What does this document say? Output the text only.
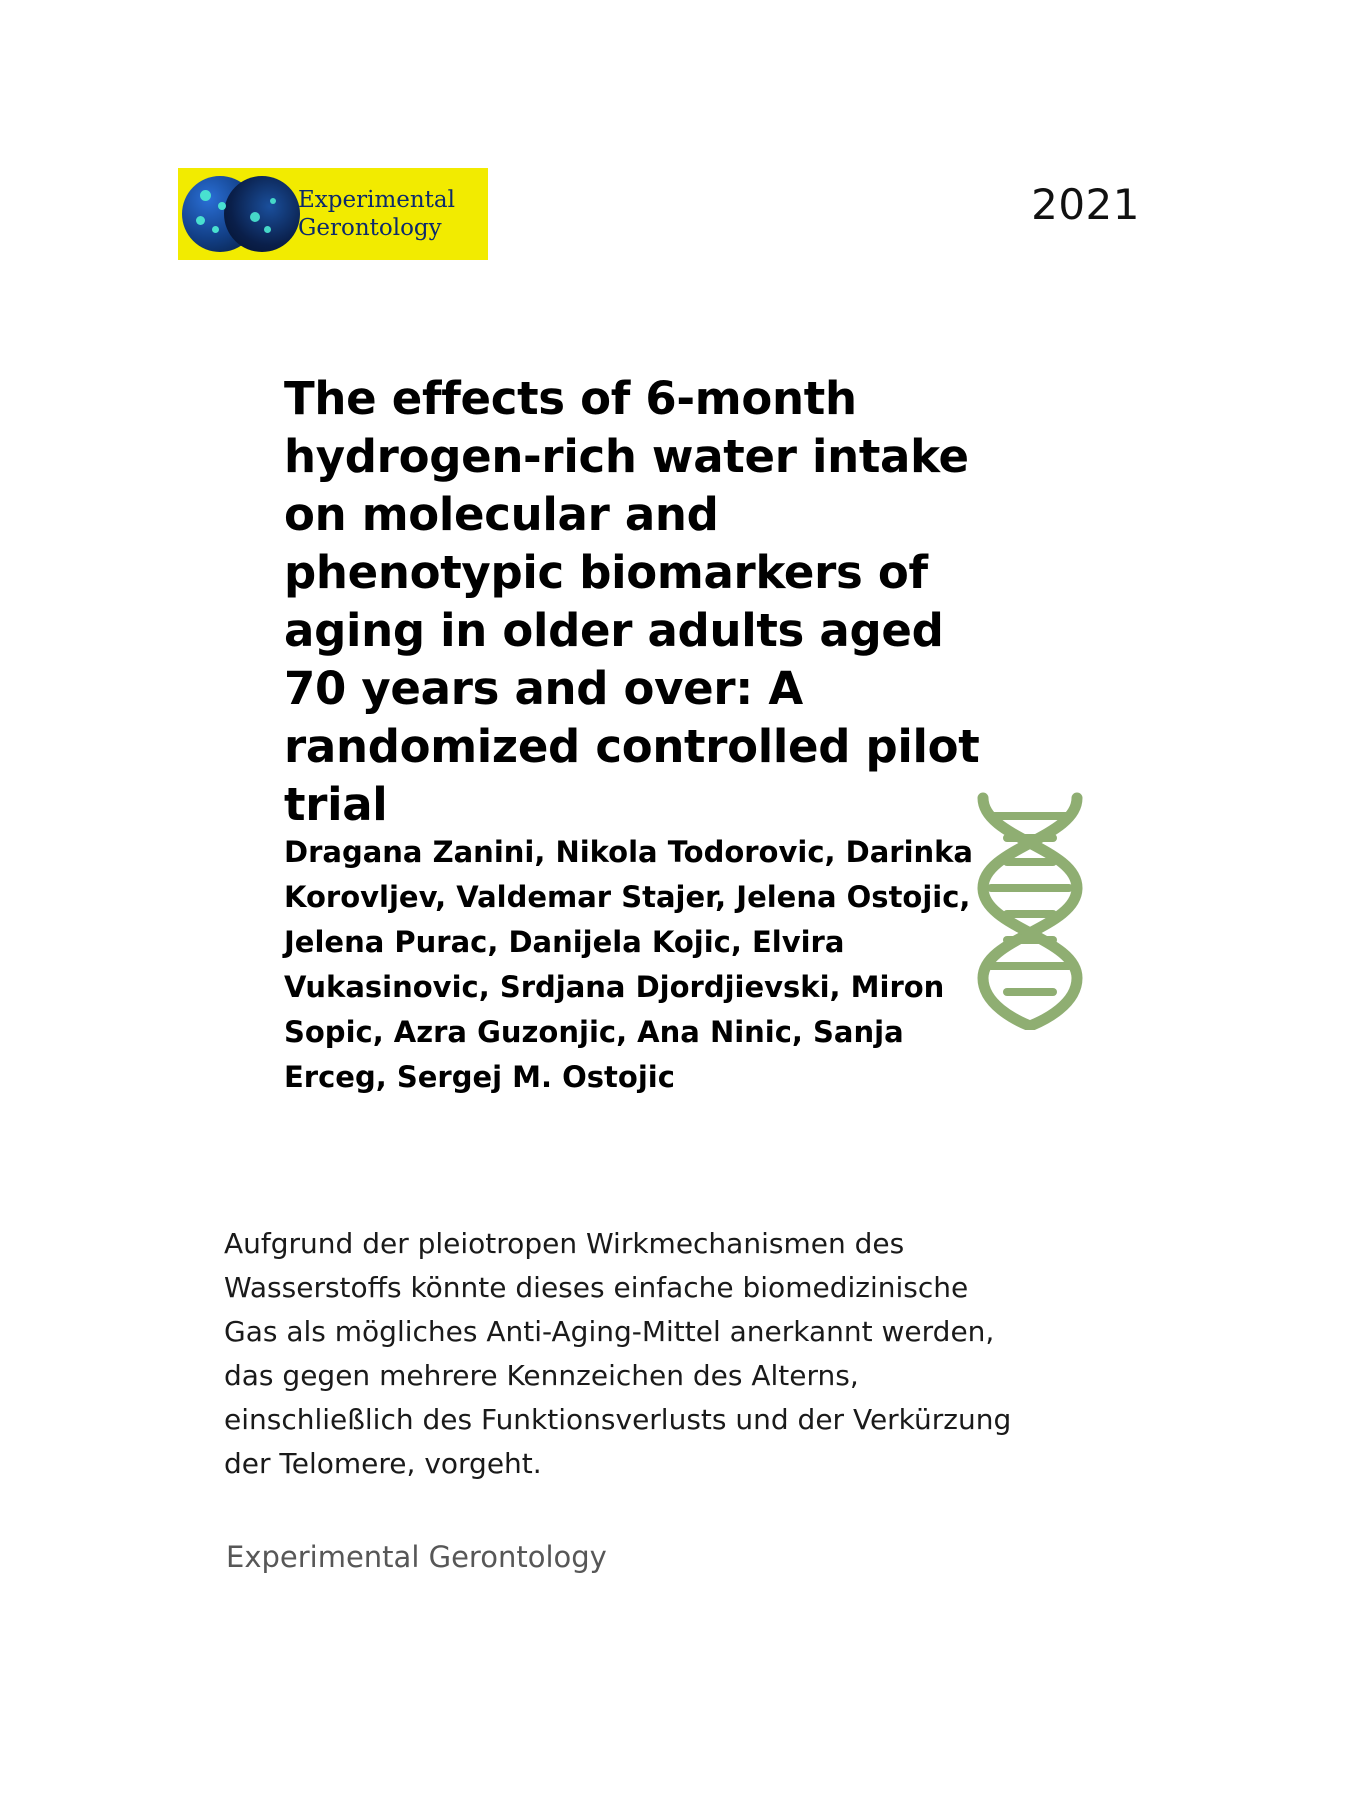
Experimental
Gerontology	2021
The effects of 6-month hydrogen-rich water intake on molecular and phenotypic biomarkers of aging in older adults aged 70 years and over: A randomized controlled pilot trial
Dragana Zanini, Nikola Todorovic, Darinka Korovljev, Valdemar Stajer, Jelena Ostojic, Jelena Purac, Danijela Kojic, Elvira Vukasinovic, Srdjana Djordjievski, Miron Sopic, Azra Guzonjic, Ana Ninic, Sanja Erceg, Sergej M. Ostojic
Aufgrund der pleiotropen Wirkmechanismen des Wasserstoffs könnte dieses einfache biomedizinische Gas als mögliches Anti-Aging-Mittel anerkannt werden, das gegen mehrere Kennzeichen des Alterns, einschließlich des Funktionsverlusts und der Verkürzung der Telomere, vorgeht.
Experimental Gerontology
